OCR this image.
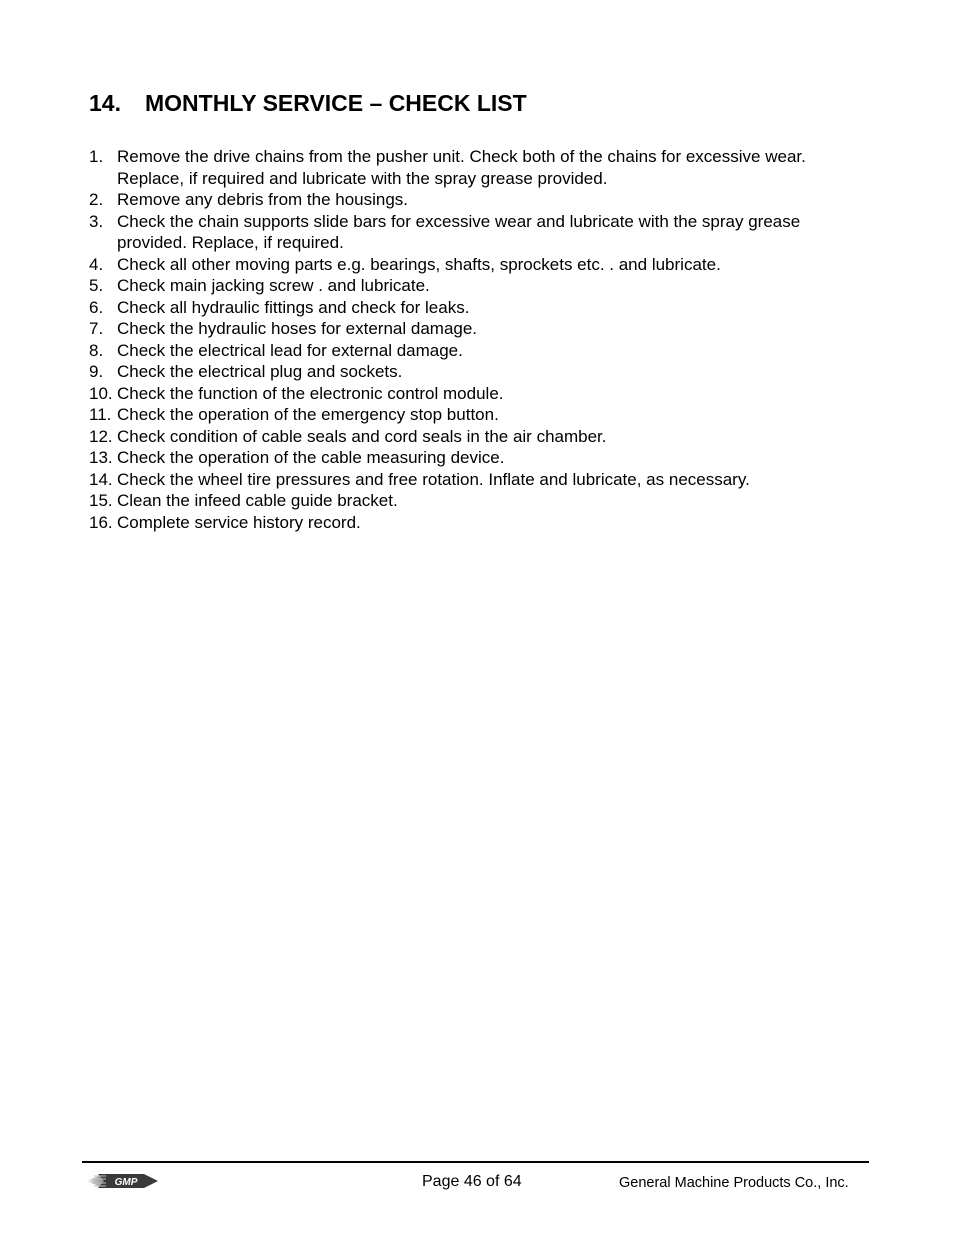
14. MONTHLY SERVICE – CHECK LIST
1. Remove the drive chains from the pusher unit. Check both of the chains for excessive wear. Replace, if required and lubricate with the spray grease provided.
2. Remove any debris from the housings.
3. Check the chain supports slide bars for excessive wear and lubricate with the spray grease provided. Replace, if required.
4. Check all other moving parts e.g. bearings, shafts, sprockets etc. . and lubricate.
5. Check main jacking screw . and lubricate.
6. Check all hydraulic fittings and check for leaks.
7. Check the hydraulic hoses for external damage.
8. Check the electrical lead for external damage.
9. Check the electrical plug and sockets.
10. Check the function of the electronic control module.
11. Check the operation of the emergency stop button.
12. Check condition of cable seals and cord seals in the air chamber.
13. Check the operation of the cable measuring device.
14. Check the wheel tire pressures and free rotation. Inflate and lubricate, as necessary.
15. Clean the infeed cable guide bracket.
16. Complete service history record.
GMP	Page 46 of 64	General Machine Products Co., Inc.
